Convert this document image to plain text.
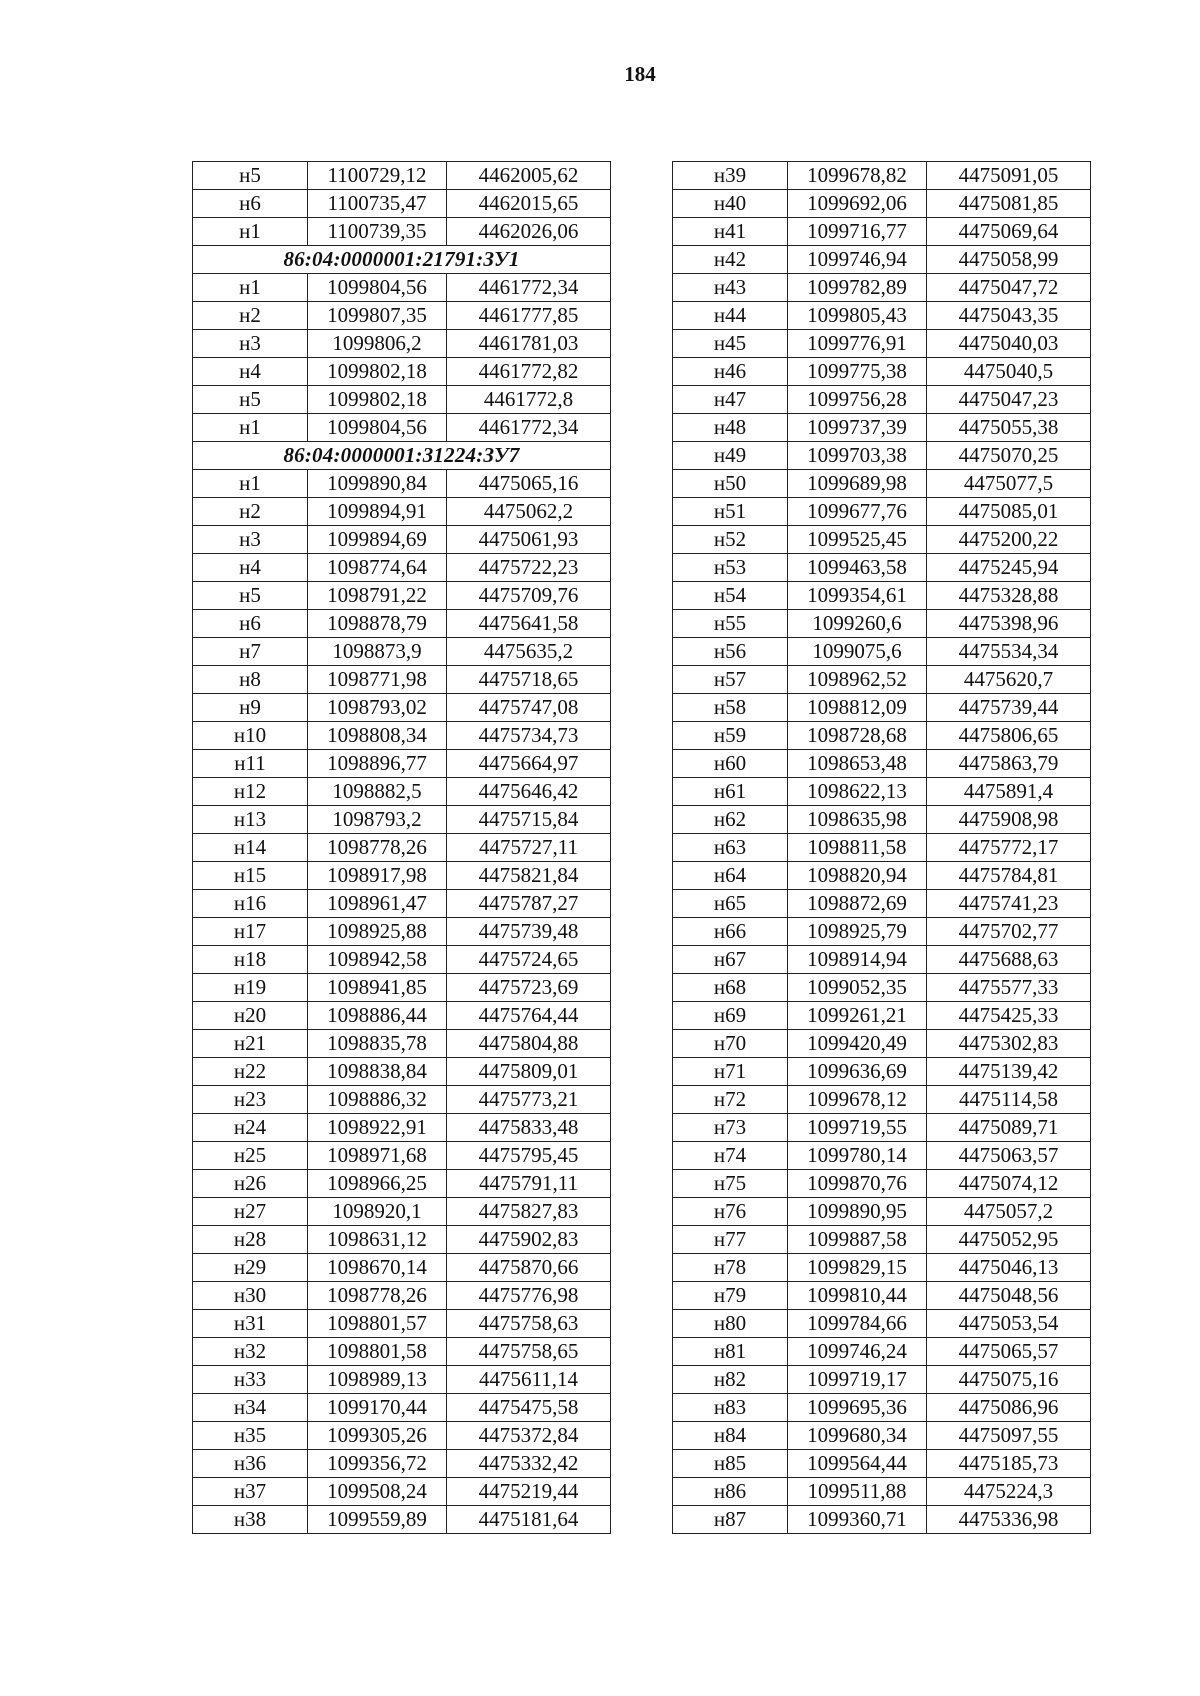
184
н5	1100729,12	4462005,62
н6	1100735,47	4462015,65
н1	1100739,35	4462026,06
86:04:0000001:21791:ЗУ1		
н1	1099804,56	4461772,34
н2	1099807,35	4461777,85
н3	1099806,2	4461781,03
н4	1099802,18	4461772,82
н5	1099802,18	4461772,8
н1	1099804,56	4461772,34
86:04:0000001:31224:ЗУ7		
н1	1099890,84	4475065,16
н2	1099894,91	4475062,2
н3	1099894,69	4475061,93
н4	1098774,64	4475722,23
н5	1098791,22	4475709,76
н6	1098878,79	4475641,58
н7	1098873,9	4475635,2
н8	1098771,98	4475718,65
н9	1098793,02	4475747,08
н10	1098808,34	4475734,73
н11	1098896,77	4475664,97
н12	1098882,5	4475646,42
н13	1098793,2	4475715,84
н14	1098778,26	4475727,11
н15	1098917,98	4475821,84
н16	1098961,47	4475787,27
н17	1098925,88	4475739,48
н18	1098942,58	4475724,65
н19	1098941,85	4475723,69
н20	1098886,44	4475764,44
н21	1098835,78	4475804,88
н22	1098838,84	4475809,01
н23	1098886,32	4475773,21
н24	1098922,91	4475833,48
н25	1098971,68	4475795,45
н26	1098966,25	4475791,11
н27	1098920,1	4475827,83
н28	1098631,12	4475902,83
н29	1098670,14	4475870,66
н30	1098778,26	4475776,98
н31	1098801,57	4475758,63
н32	1098801,58	4475758,65
н33	1098989,13	4475611,14
н34	1099170,44	4475475,58
н35	1099305,26	4475372,84
н36	1099356,72	4475332,42
н37	1099508,24	4475219,44
н38	1099559,89	4475181,64
н39	1099678,82	4475091,05
н40	1099692,06	4475081,85
н41	1099716,77	4475069,64
н42	1099746,94	4475058,99
н43	1099782,89	4475047,72
н44	1099805,43	4475043,35
н45	1099776,91	4475040,03
н46	1099775,38	4475040,5
н47	1099756,28	4475047,23
н48	1099737,39	4475055,38
н49	1099703,38	4475070,25
н50	1099689,98	4475077,5
н51	1099677,76	4475085,01
н52	1099525,45	4475200,22
н53	1099463,58	4475245,94
н54	1099354,61	4475328,88
н55	1099260,6	4475398,96
н56	1099075,6	4475534,34
н57	1098962,52	4475620,7
н58	1098812,09	4475739,44
н59	1098728,68	4475806,65
н60	1098653,48	4475863,79
н61	1098622,13	4475891,4
н62	1098635,98	4475908,98
н63	1098811,58	4475772,17
н64	1098820,94	4475784,81
н65	1098872,69	4475741,23
н66	1098925,79	4475702,77
н67	1098914,94	4475688,63
н68	1099052,35	4475577,33
н69	1099261,21	4475425,33
н70	1099420,49	4475302,83
н71	1099636,69	4475139,42
н72	1099678,12	4475114,58
н73	1099719,55	4475089,71
н74	1099780,14	4475063,57
н75	1099870,76	4475074,12
н76	1099890,95	4475057,2
н77	1099887,58	4475052,95
н78	1099829,15	4475046,13
н79	1099810,44	4475048,56
н80	1099784,66	4475053,54
н81	1099746,24	4475065,57
н82	1099719,17	4475075,16
н83	1099695,36	4475086,96
н84	1099680,34	4475097,55
н85	1099564,44	4475185,73
н86	1099511,88	4475224,3
н87	1099360,71	4475336,98
